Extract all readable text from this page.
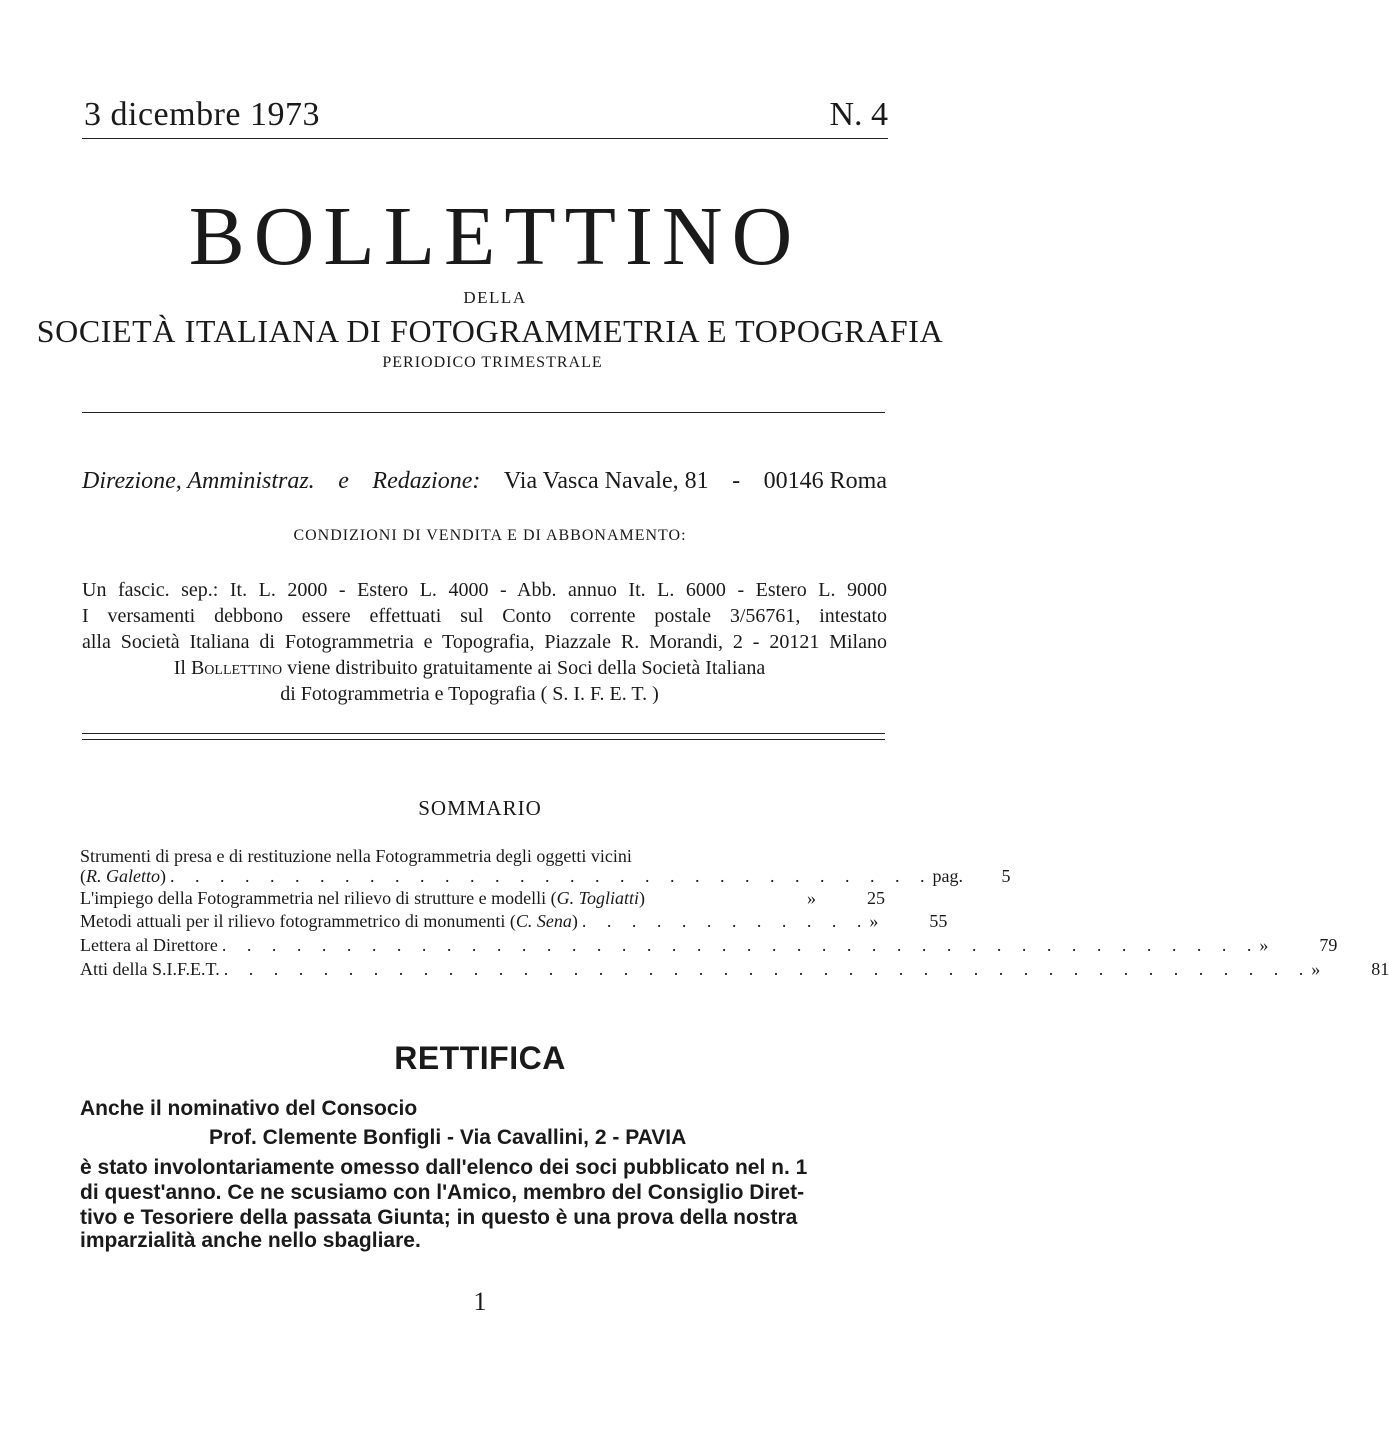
3 dicembre 1973	N. 4
BOLLETTINO
DELLA
SOCIETÀ ITALIANA DI FOTOGRAMMETRIA E TOPOGRAFIA
PERIODICO TRIMESTRALE
Direzione, Amministraz. e Redazione: Via Vasca Navale, 81 - 00146 Roma
CONDIZIONI DI VENDITA E DI ABBONAMENTO:
Un fascic. sep.: It. L. 2000 - Estero L. 4000 - Abb. annuo It. L. 6000 - Estero L. 9000
I versamenti debbono essere effettuati sul Conto corrente postale 3/56761, intestato
alla Società Italiana di Fotogrammetria e Topografia, Piazzale R. Morandi, 2 - 20121 Milano
Il Bollettino viene distribuito gratuitamente ai Soci della Società Italiana
di Fotogrammetria e Topografia ( S. I. F. E. T. )
SOMMARIO
Strumenti di presa e di restituzione nella Fotogrammetria degli oggetti vicini
(R. Galetto) . . . . . . . . . . . . . . . . . . . . . . . . . . . . . . . pag. 5
L'impiego della Fotogrammetria nel rilievo di strutture e modelli (G. Togliatti)	»	25
Metodi attuali per il rilievo fotogrammetrico di monumenti (C. Sena) . . . . . . . . . . . . »	55
Lettera al Direttore . . . . . . . . . . . . . . . . . . . . . . . . . . . . . . . . . . . . . . . . . . »	79
Atti della S.I.F.E.T. . . . . . . . . . . . . . . . . . . . . . . . . . . . . . . . . . . . . . . . . . . . . »	81
RETTIFICA
Anche il nominativo del Consocio
Prof. Clemente Bonfigli - Via Cavallini, 2 - PAVIA
è stato involontariamente omesso dall'elenco dei soci pubblicato nel n. 1
di quest'anno. Ce ne scusiamo con l'Amico, membro del Consiglio Diret-
tivo e Tesoriere della passata Giunta; in questo è una prova della nostra
imparzialità anche nello sbagliare.
1
